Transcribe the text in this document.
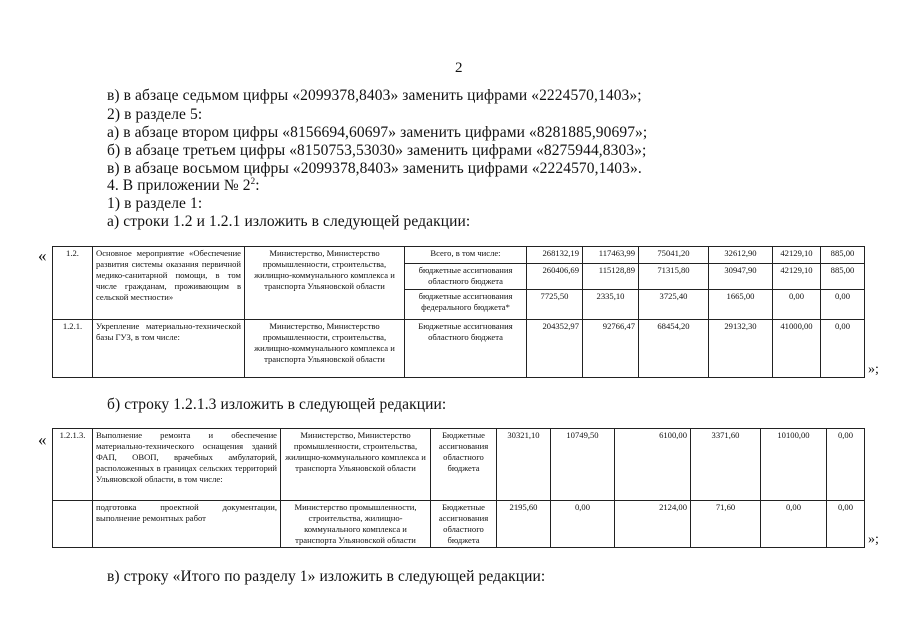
2
в) в абзаце седьмом цифры «2099378,8403» заменить цифрами «2224570,1403»;
2) в разделе 5:
а) в абзаце втором цифры «8156694,60697» заменить цифрами «8281885,90697»;
б) в абзаце третьем цифры «8150753,53030» заменить цифрами «8275944,8303»;
в) в абзаце восьмом цифры «2099378,8403» заменить цифрами «2224570,1403».
4. В приложении № $2^2$:
1) в разделе 1:
а) строки 1.2 и 1.2.1 изложить в следующей редакции:
« 1.2.	Основное мероприятие «Обеспечение развития системы оказания первичной медико-санитарной помощи, в том числе гражданам, проживающим в сельской местности»	Министерство, Министерство промышленности, строительства, жилищно-коммунального комплекса и транспорта Ульяновской области	Всего, в том числе:	268132,19	117463,99	75041,20	32612,90	42129,10	885,00
			бюджетные ассигнования областного бюджета	260406,69	115128,89	71315,80	30947,90	42129,10	885,00
			бюджетные ассигнования федерального бюджета*	7725,50	2335,10	3725,40	1665,00	0,00	0,00
1.2.1.	Укрепление материально-технической базы ГУЗ, в том числе:	Министерство, Министерство промышленности, строительства, жилищно-коммунального комплекса и транспорта Ульяновской области	Бюджетные ассигнования областного бюджета	204352,97	92766,47	68454,20	29132,30	41000,00	0,00
»;
б) строку 1.2.1.3 изложить в следующей редакции:
« 1.2.1.3.	Выполнение ремонта и обеспечение материально-технического оснащения зданий ФАП, ОВОП, врачебных амбулаторий, расположенных в границах сельских территорий Ульяновской области, в том числе:	Министерство, Министерство промышленности, строительства, жилищно-коммунального комплекса и транспорта Ульяновской области	Бюджетные ассигнования областного бюджета	30321,10	10749,50	6100,00	3371,60	10100,00	0,00
	подготовка проектной документации, выполнение ремонтных работ	Министерство промышленности, строительства, жилищно-коммунального комплекса и транспорта Ульяновской области	Бюджетные ассигнования областного бюджета	2195,60	0,00	2124,00	71,60	0,00	0,00
»;
в) строку «Итого по разделу 1» изложить в следующей редакции:
